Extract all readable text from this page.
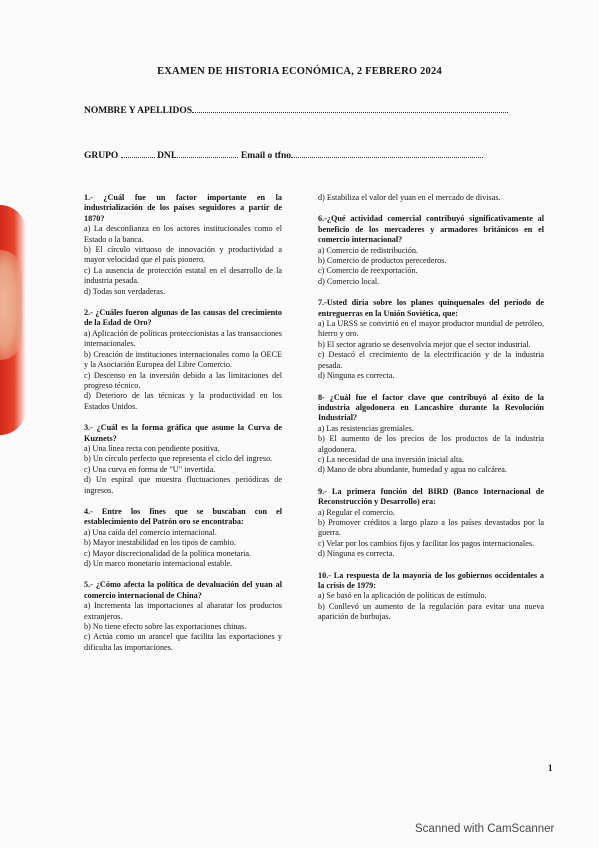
EXAMEN DE HISTORIA ECONÓMICA, 2 FEBRERO 2024
NOMBRE Y APELLIDOS
GRUPO	DNI	Email o tfno
1.- ¿Cuál fue un factor importante en la industrialización de los países seguidores a partir de 1870?
a) La desconfianza en los actores institucionales como el Estado o la banca.
b) El círculo virtuoso de innovación y productividad a mayor velocidad que el país pionero.
c) La ausencia de protección estatal en el desarrollo de la industria pesada.
d) Todas son verdaderas.
2.- ¿Cuáles fueron algunas de las causas del crecimiento de la Edad de Oro?
a) Aplicación de políticas proteccionistas a las transacciones internacionales.
b) Creación de instituciones internacionales como la OECE y la Asociación Europea del Libre Comercio.
c) Descenso en la inversión debido a las limitaciones del progreso técnico.
d) Deterioro de las técnicas y la productividad en los Estados Unidos.
3.- ¿Cuál es la forma gráfica que asume la Curva de Kuznets?
a) Una línea recta con pendiente positiva.
b) Un círculo perfecto que representa el ciclo del ingreso.
c) Una curva en forma de "U" invertida.
d) Un espiral que muestra fluctuaciones periódicas de ingresos.
4.- Entre los fines que se buscaban con el establecimiento del Patrón oro se encontraba:
a) Una caída del comercio internacional.
b) Mayor inestabilidad en los tipos de cambio.
c) Mayor discrecionalidad de la política monetaria.
d) Un marco monetario internacional estable.
5.- ¿Cómo afecta la política de devaluación del yuan al comercio internacional de China?
a) Incrementa las importaciones al abaratar los productos extranjeros.
b) No tiene efecto sobre las exportaciones chinas.
c) Actúa como un arancel que facilita las exportaciones y dificulta las importaciones.
d) Estabiliza el valor del yuan en el mercado de divisas.
6.-¿Qué actividad comercial contribuyó significativamente al beneficio de los mercaderes y armadores británicos en el comercio internacional?
a) Comercio de redistribución.
b) Comercio de productos perecederos.
c) Comercio de reexportación.
d) Comercio local.
7.-Usted diría sobre los planes quinquenales del período de entreguerras en la Unión Soviética, que:
a) La URSS se convirtió en el mayor productor mundial de petróleo, hierro y oro.
b) El sector agrario se desenvolvía mejor que el sector industrial.
c) Destacó el crecimiento de la electrificación y de la industria pesada.
d) Ninguna es correcta.
8- ¿Cuál fue el factor clave que contribuyó al éxito de la industria algodonera en Lancashire durante la Revolución Industrial?
a) Las resistencias gremiales.
b) El aumento de los precios de los productos de la industria algodonera.
c) La necesidad de una inversión inicial alta.
d) Mano de obra abundante, humedad y agua no calcárea.
9.- La primera función del BIRD (Banco Internacional de Reconstrucción y Desarrollo) era:
a) Regular el comercio.
b) Promover créditos a largo plazo a los países devastados por la guerra.
c) Velar por los cambios fijos y facilitar los pagos internacionales.
d) Ninguna es correcta.
10.- La respuesta de la mayoría de los gobiernos occidentales a la crisis de 1979:
a) Se basó en la aplicación de políticas de estímulo.
b) Conllevó un aumento de la regulación para evitar una nueva aparición de burbujas.
1
Scanned with CamScanner
